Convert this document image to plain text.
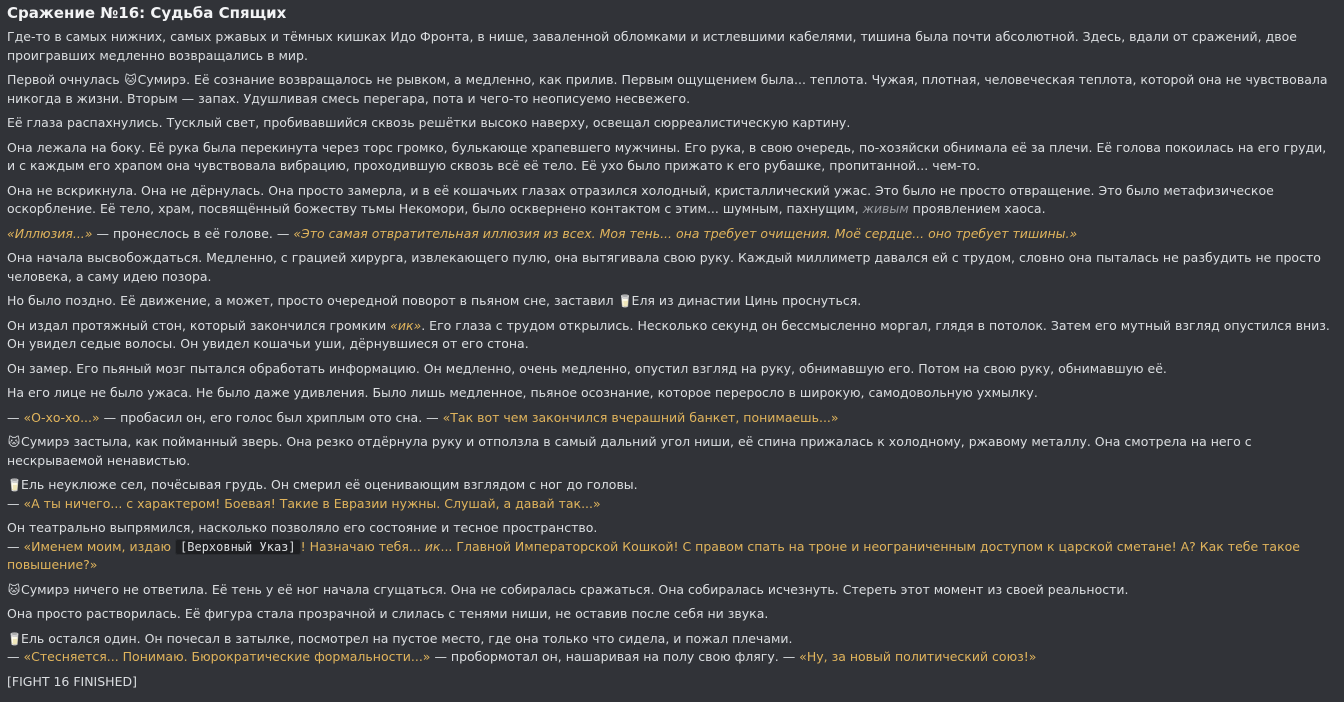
Сражение №16: Судьба Спящих

Где-то в самых нижних, самых ржавых и тёмных кишках Идо Фронта, в нише, заваленной обломками и истлевшими кабелями, тишина была почти абсолютной. Здесь, вдали от сражений, двое проигравших медленно возвращались в мир.

Первой очнулась 🐱Сумирэ. Её сознание возвращалось не рывком, а медленно, как прилив. Первым ощущением была... теплота. Чужая, плотная, человеческая теплота, которой она не чувствовала никогда в жизни. Вторым — запах. Удушливая смесь перегара, пота и чего-то неописуемо несвежего.

Её глаза распахнулись. Тусклый свет, пробивавшийся сквозь решётки высоко наверху, освещал сюрреалистическую картину.

Она лежала на боку. Её рука была перекинута через торс громко, булькающе храпевшего мужчины. Его рука, в свою очередь, по-хозяйски обнимала её за плечи. Её голова покоилась на его груди, и с каждым его храпом она чувствовала вибрацию, проходившую сквозь всё её тело. Её ухо было прижато к его рубашке, пропитанной... чем-то.

Она не вскрикнула. Она не дёрнулась. Она просто замерла, и в её кошачьих глазах отразился холодный, кристаллический ужас. Это было не просто отвращение. Это было метафизическое оскорбление. Её тело, храм, посвящённый божеству тьмы Некомори, было осквернено контактом с этим... шумным, пахнущим, живым проявлением хаоса.

«Иллюзия...» — пронеслось в её голове. — «Это самая отвратительная иллюзия из всех. Моя тень... она требует очищения. Моё сердце... оно требует тишины.»

Она начала высвобождаться. Медленно, с грацией хирурга, извлекающего пулю, она вытягивала свою руку. Каждый миллиметр давался ей с трудом, словно она пыталась не разбудить не просто человека, а саму идею позора.

Но было поздно. Её движение, а может, просто очередной поворот в пьяном сне, заставил 🥛Еля из династии Цинь проснуться.

Он издал протяжный стон, который закончился громким «ик». Его глаза с трудом открылись. Несколько секунд он бессмысленно моргал, глядя в потолок. Затем его мутный взгляд опустился вниз. Он увидел седые волосы. Он увидел кошачьи уши, дёрнувшиеся от его стона.

Он замер. Его пьяный мозг пытался обработать информацию. Он медленно, очень медленно, опустил взгляд на руку, обнимавшую его. Потом на свою руку, обнимавшую её.

На его лице не было ужаса. Не было даже удивления. Было лишь медленное, пьяное осознание, которое переросло в широкую, самодовольную ухмылку.

— «О-хо-хо...» — пробасил он, его голос был хриплым ото сна. — «Так вот чем закончился вчерашний банкет, понимаешь...»

🐱Сумирэ застыла, как пойманный зверь. Она резко отдёрнула руку и отползла в самый дальний угол ниши, её спина прижалась к холодному, ржавому металлу. Она смотрела на него с нескрываемой ненавистью.

🥛Ель неуклюже сел, почёсывая грудь. Он смерил её оценивающим взглядом с ног до головы.
— «А ты ничего... с характером! Боевая! Такие в Евразии нужны. Слушай, а давай так...»

Он театрально выпрямился, насколько позволяло его состояние и тесное пространство.
— «Именем моим, издаю [Верховный Указ] ! Назначаю тебя... ик... Главной Императорской Кошкой! С правом спать на троне и неограниченным доступом к царской сметане! А? Как тебе такое повышение?»

🐱Сумирэ ничего не ответила. Её тень у её ног начала сгущаться. Она не собиралась сражаться. Она собиралась исчезнуть. Стереть этот момент из своей реальности.

Она просто растворилась. Её фигура стала прозрачной и слилась с тенями ниши, не оставив после себя ни звука.

🥛Ель остался один. Он почесал в затылке, посмотрел на пустое место, где она только что сидела, и пожал плечами.
— «Стесняется... Понимаю. Бюрократические формальности...» — пробормотал он, нашаривая на полу свою флягу. — «Ну, за новый политический союз!»

[FIGHT 16 FINISHED]
